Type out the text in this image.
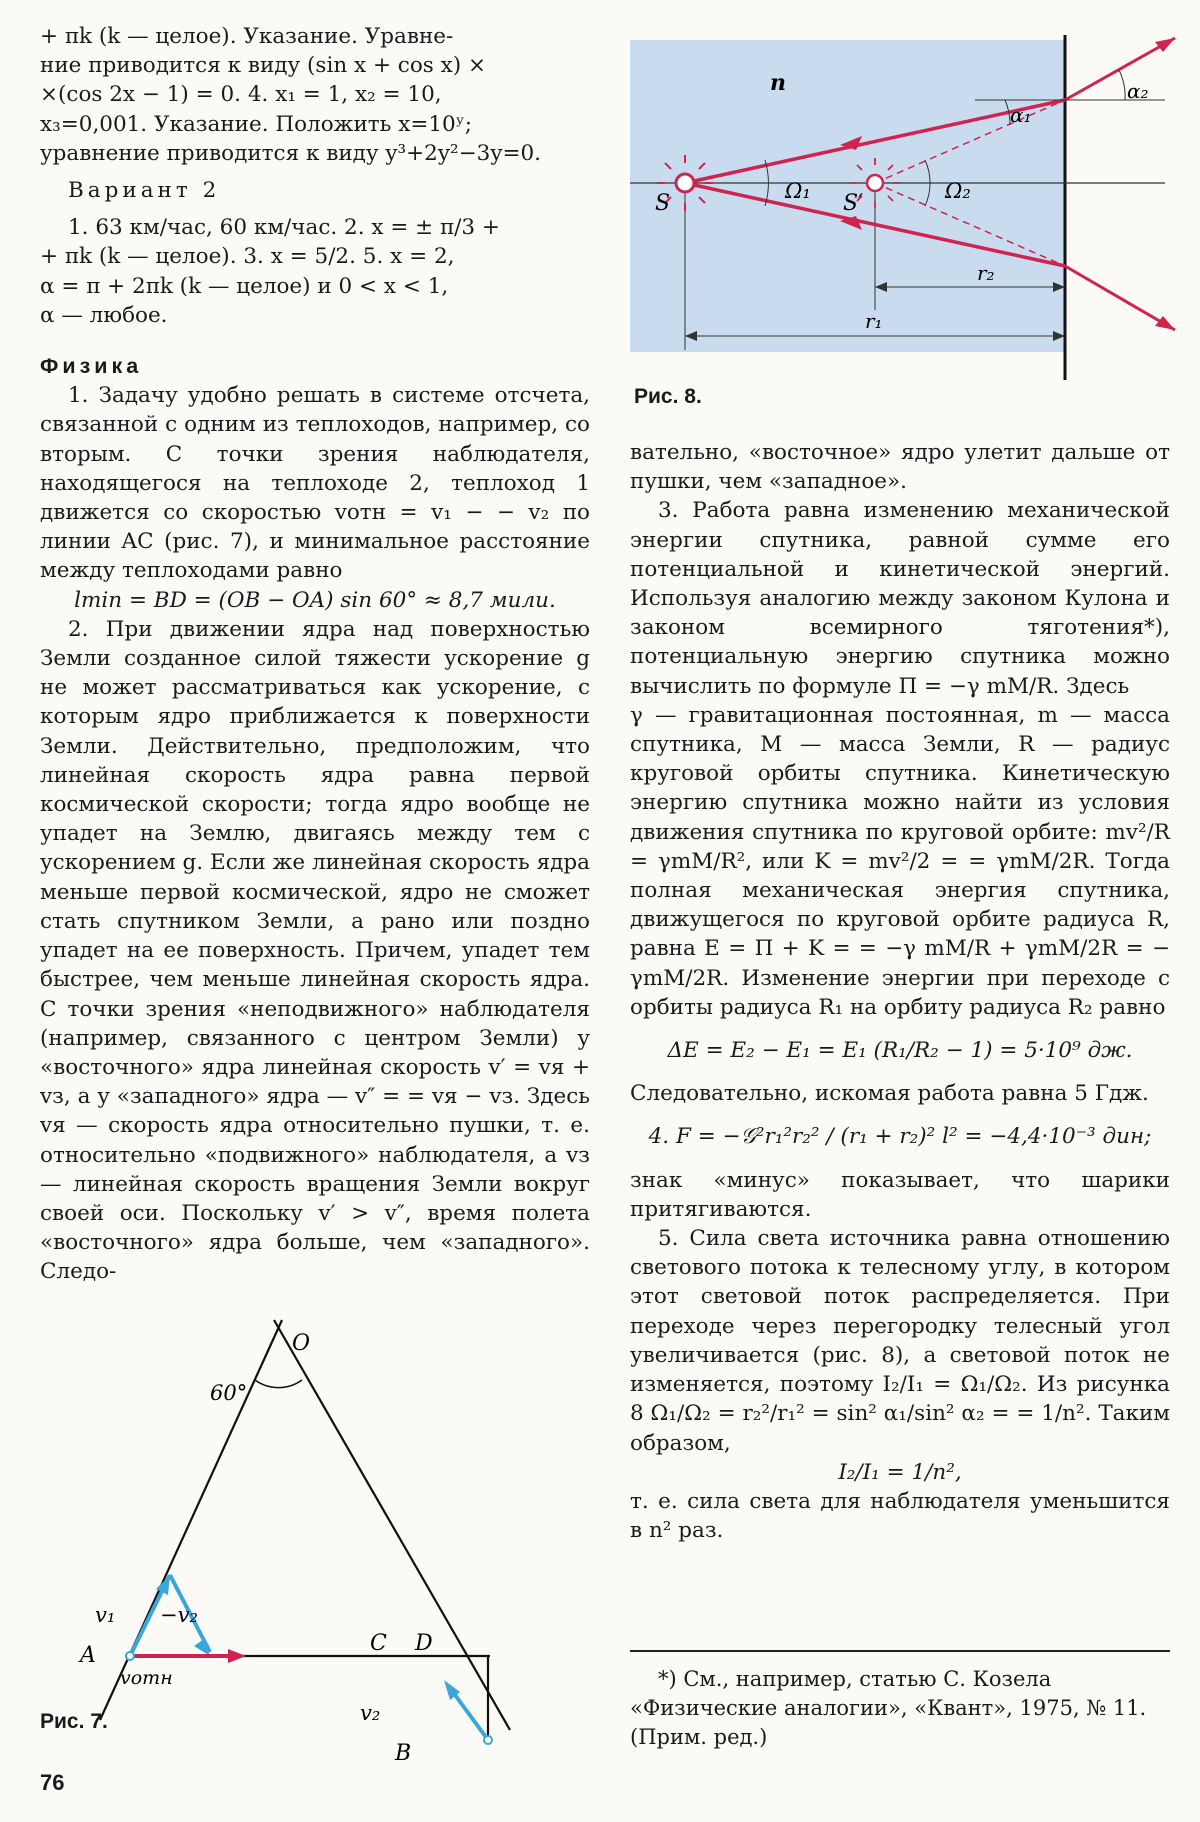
+ πk (k — целое). Указание. Уравне-

ние приводится к виду (sin x + cos x) ×

×(cos 2x − 1) = 0. 4. x₁ = 1, x₂ = 10,

x₃=0,001. Указание. Положить x=10ʸ;

уравнение приводится к виду y³+2y²−3y=0.

Вариант 2

1. 63 км/час, 60 км/час. 2. x = ± π/3 +

+ πk (k — целое). 3. x = 5/2. 5. x = 2,

α = π + 2πk (k — целое) и 0 < x < 1,

α — любое.

Физика

1. Задачу удобно решать в системе отсчета, связанной с одним из теплоходов, например, со вторым. С точки зрения наблюдателя, находящегося на теплоходе 2, теплоход 1 движется со скоростью vотн = v₁ − − v₂ по линии AC (рис. 7), и минимальное расстояние между теплоходами равно

lmin = BD = (OB − OA) sin 60° ≈ 8,7 мили.

2. При движении ядра над поверхностью Земли созданное силой тяжести ускорение g не может рассматриваться как ускорение, с которым ядро приближается к поверхности Земли. Действительно, предположим, что линейная скорость ядра равна первой космической скорости; тогда ядро вообще не упадет на Землю, двигаясь между тем с ускорением g. Если же линейная скорость ядра меньше первой космической, ядро не сможет стать спутником Земли, а рано или поздно упадет на ее поверхность. Причем, упадет тем быстрее, чем меньше линейная скорость ядра. С точки зрения «неподвижного» наблюдателя (например, связанного с центром Земли) у «восточного» ядра линейная скорость v′ = vя + vз, а у «западного» ядра — v″ = = vя − vз. Здесь vя — скорость ядра относительно пушки, т. е. относительно «подвижного» наблюдателя, а vз — линейная скорость вращения Земли вокруг своей оси. Поскольку v′ > v″, время полета «восточного» ядра больше, чем «западного». Следо-

n
S	S′
α₁
α₂
Ω₁	Ω₂
r₁
r₂
Рис. 8.

вательно, «восточное» ядро улетит дальше от пушки, чем «западное».

3. Работа равна изменению механической энергии спутника, равной сумме его потенциальной и кинетической энергий. Используя аналогию между законом Кулона и законом всемирного тяготения*), потенциальную энергию спутника можно вычислить по формуле П = −γ mM/R. Здесь

γ — гравитационная постоянная, m — масса спутника, M — масса Земли, R — радиус круговой орбиты спутника. Кинетическую энергию спутника можно найти из условия движения спутника по круговой орбите: mv²/R = γmM/R², или K = mv²/2 = = γmM/2R. Тогда полная механическая энергия спутника, движущегося по круговой орбите радиуса R, равна E = П + K = = −γ mM/R + γmM/2R = − γmM/2R. Изменение энергии при переходе с орбиты радиуса R₁ на орбиту радиуса R₂ равно

ΔE = E₂ − E₁ = E₁ (R₁/R₂ − 1) = 5·10⁹ дж.

Следовательно, искомая работа равна 5 Гдж.

4. F = −𝒢²r₁²r₂² / (r₁ + r₂)² l² = −4,4·10⁻³ дин;

знак «минус» показывает, что шарики притягиваются.

5. Сила света источника равна отношению светового потока к телесному углу, в котором этот световой поток распределяется. При переходе через перегородку телесный угол увеличивается (рис. 8), а световой поток не изменяется, поэтому I₂/I₁ = Ω₁/Ω₂. Из рисунка 8 Ω₁/Ω₂ = r₂²/r₁² = sin² α₁/sin² α₂ = = 1/n². Таким образом,

I₂/I₁ = 1/n²,

т. е. сила света для наблюдателя уменьшится в n² раз.

O
60°
A	C D
B
v₁ −v₂
vотн
v₂
Рис. 7.
76
*) См., например, статью С. Козела «Физические аналогии», «Квант», 1975, № 11. (Прим. ред.)
